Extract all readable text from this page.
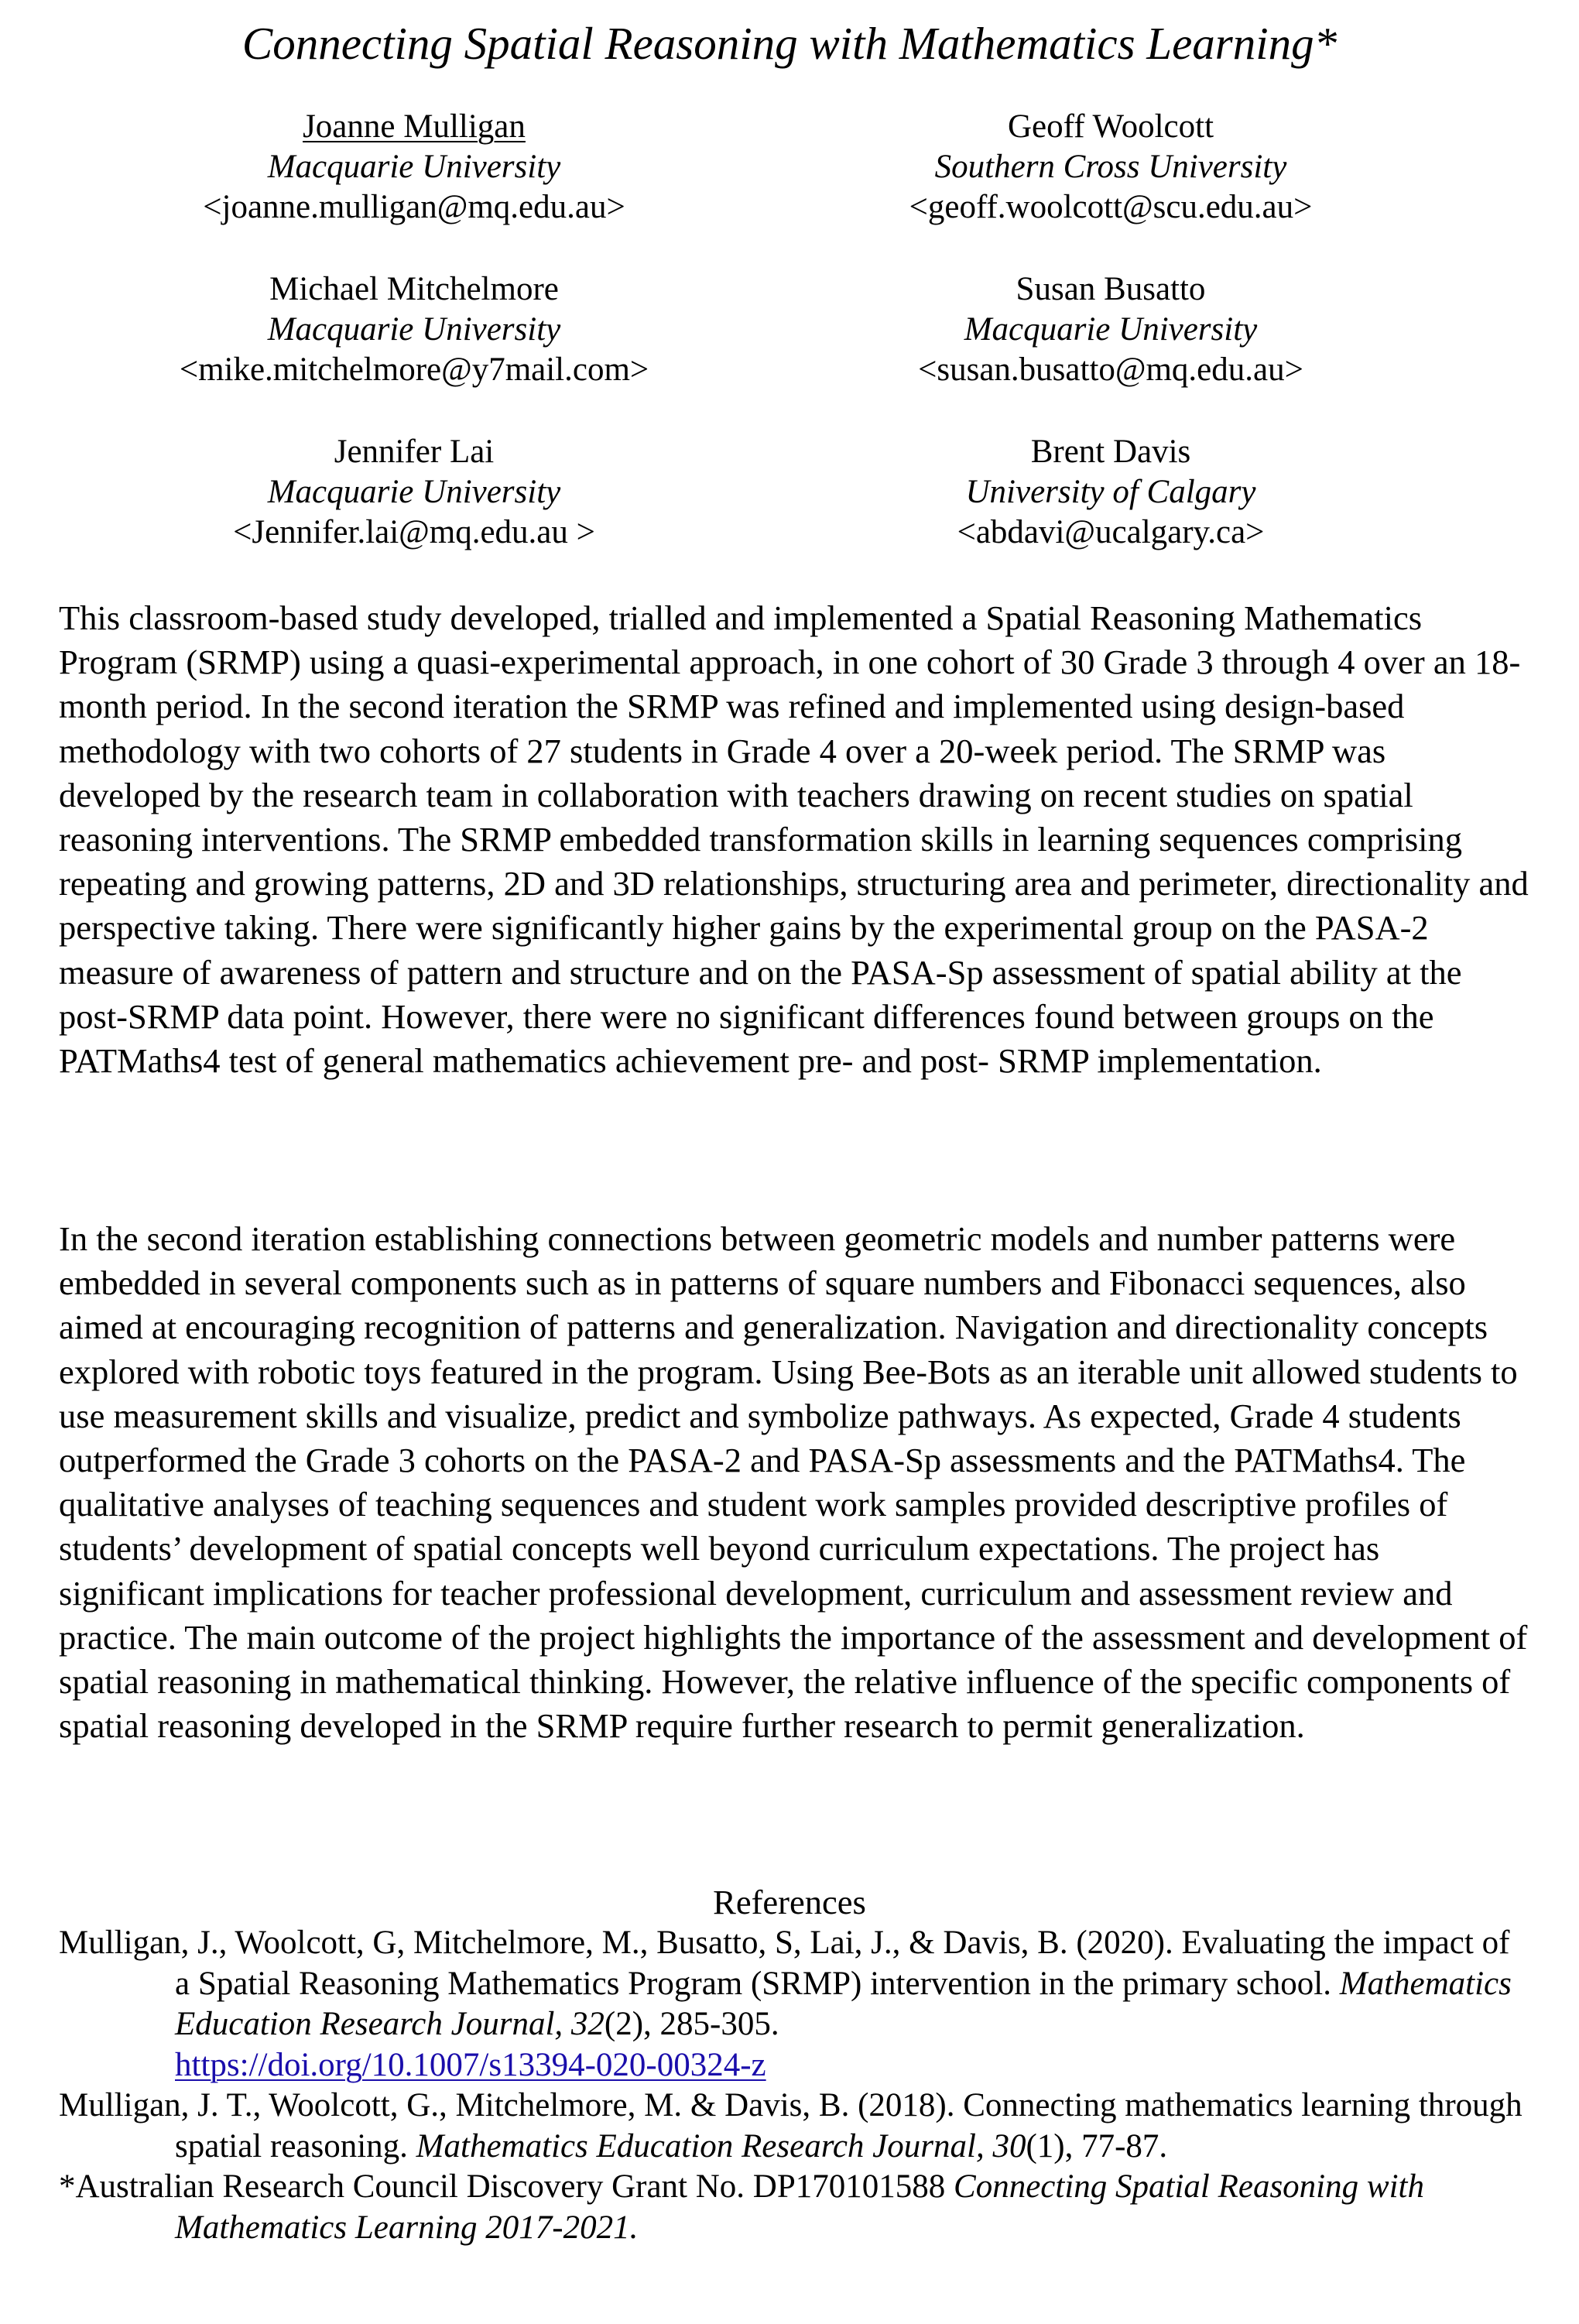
Connecting Spatial Reasoning with Mathematics Learning*
Joanne Mulligan
Macquarie University
<joanne.mulligan@mq.edu.au>
Geoff Woolcott
Southern Cross University
<geoff.woolcott@scu.edu.au>
Michael Mitchelmore
Macquarie University
<mike.mitchelmore@y7mail.com>
Susan Busatto
Macquarie University
<susan.busatto@mq.edu.au>
Jennifer Lai
Macquarie University
<Jennifer.lai@mq.edu.au >
Brent Davis
University of Calgary
<abdavi@ucalgary.ca>

This classroom-based study developed, trialled and implemented a Spatial Reasoning Mathematics Program (SRMP) using a quasi-experimental approach, in one cohort of 30 Grade 3 through 4 over an 18-month period. In the second iteration the SRMP was refined and implemented using design-based methodology with two cohorts of 27 students in Grade 4 over a 20-week period. The SRMP was developed by the research team in collaboration with teachers drawing on recent studies on spatial reasoning interventions. The SRMP embedded transformation skills in learning sequences comprising repeating and growing patterns, 2D and 3D relationships, structuring area and perimeter, directionality and perspective taking. There were significantly higher gains by the experimental group on the PASA-2 measure of awareness of pattern and structure and on the PASA-Sp assessment of spatial ability at the post-SRMP data point. However, there were no significant differences found between groups on the PATMaths4 test of general mathematics achievement pre- and post- SRMP implementation.

In the second iteration establishing connections between geometric models and number patterns were embedded in several components such as in patterns of square numbers and Fibonacci sequences, also aimed at encouraging recognition of patterns and generalization. Navigation and directionality concepts explored with robotic toys featured in the program. Using Bee-Bots as an iterable unit allowed students to use measurement skills and visualize, predict and symbolize pathways. As expected, Grade 4 students outperformed the Grade 3 cohorts on the PASA-2 and PASA-Sp assessments and the PATMaths4. The qualitative analyses of teaching sequences and student work samples provided descriptive profiles of students’ development of spatial concepts well beyond curriculum expectations. The project has significant implications for teacher professional development, curriculum and assessment review and practice. The main outcome of the project highlights the importance of the assessment and development of spatial reasoning in mathematical thinking. However, the relative influence of the specific components of spatial reasoning developed in the SRMP require further research to permit generalization.

References

Mulligan, J., Woolcott, G, Mitchelmore, M., Busatto, S, Lai, J., & Davis, B. (2020). Evaluating the impact of a Spatial Reasoning Mathematics Program (SRMP) intervention in the primary school. Mathematics Education Research Journal, 32(2), 285-305.
https://doi.org/10.1007/s13394-020-00324-z

Mulligan, J. T., Woolcott, G., Mitchelmore, M. & Davis, B. (2018). Connecting mathematics learning through spatial reasoning. Mathematics Education Research Journal, 30(1), 77-87.

*Australian Research Council Discovery Grant No. DP170101588 Connecting Spatial Reasoning with Mathematics Learning 2017-2021.
